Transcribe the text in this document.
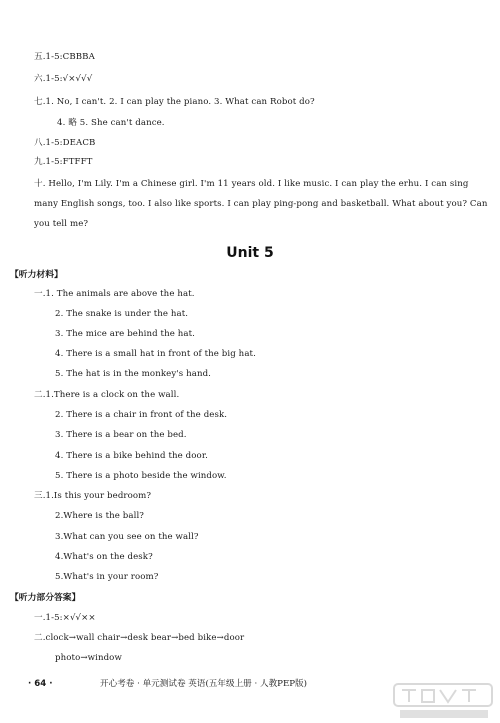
五.1-5:CBBBA
六.1-5:√×√√√
七.1. No, I can't. 2. I can play the piano. 3. What can Robot do?
4. 略 5. She can't dance.
八.1-5:DEACB
九.1-5:FTFFT
十. Hello, I'm Lily. I'm a Chinese girl. I'm 11 years old. I like music. I can play the erhu. I can sing
many English songs, too. I also like sports. I can play ping-pong and basketball. What about you? Can
you tell me?
Unit 5
【听力材料】
一.1. The animals are above the hat.
2. The snake is under the hat.
3. The mice are behind the hat.
4. There is a small hat in front of the big hat.
5. The hat is in the monkey's hand.
二.1.There is a clock on the wall.
2. There is a chair in front of the desk.
3. There is a bear on the bed.
4. There is a bike behind the door.
5. There is a photo beside the window.
三.1.Is this your bedroom?
2.Where is the ball?
3.What can you see on the wall?
4.What's on the desk?
5.What's in your room?
【听力部分答案】
一.1-5:×√√××
二.clock→wall chair→desk bear→bed bike→door
photo→window
· 64 ·	开心考卷 · 单元测试卷 英语(五年级上册 · 人教PEP版)
